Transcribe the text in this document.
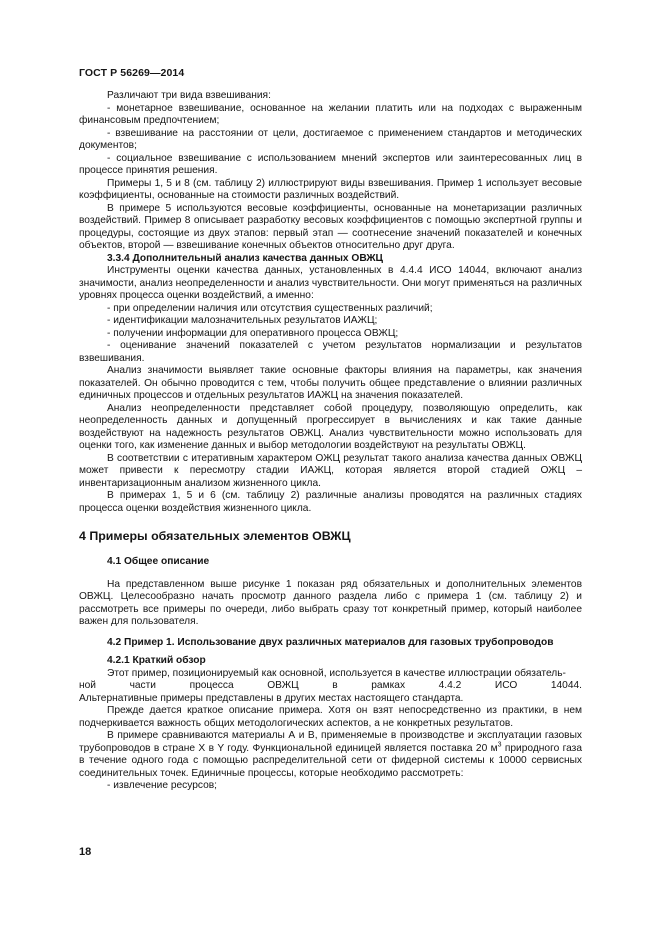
ГОСТ Р 56269—2014

Различают три вида взвешивания:

- монетарное взвешивание, основанное на желании платить или на подходах с выраженным финансовым предпочтением;

- взвешивание на расстоянии от цели, достигаемое с применением стандартов и методических документов;

- социальное взвешивание с использованием мнений экспертов или заинтересованных лиц в процессе принятия решения.

Примеры 1, 5 и 8 (см. таблицу 2) иллюстрируют виды взвешивания. Пример 1 использует весовые коэффициенты, основанные на стоимости различных воздействий.

В примере 5 используются весовые коэффициенты, основанные на монетаризации различных воздействий. Пример 8 описывает разработку весовых коэффициентов с помощью экспертной группы и процедуры, состоящие из двух этапов: первый этап — соотнесение значений показателей и конечных объектов, второй — взвешивание конечных объектов относительно друг друга.

3.3.4 Дополнительный анализ качества данных ОВЖЦ

Инструменты оценки качества данных, установленных в 4.4.4 ИСО 14044, включают анализ значимости, анализ неопределенности и анализ чувствительности. Они могут применяться на различных уровнях процесса оценки воздействий, а именно:

- при определении наличия или отсутствия существенных различий;

- идентификации малозначительных результатов ИАЖЦ;

- получении информации для оперативного процесса ОВЖЦ;

- оценивание значений показателей с учетом результатов нормализации и результатов взвешивания.

Анализ значимости выявляет такие основные факторы влияния на параметры, как значения показателей. Он обычно проводится с тем, чтобы получить общее представление о влиянии различных единичных процессов и отдельных результатов ИАЖЦ на значения показателей.

Анализ неопределенности представляет собой процедуру, позволяющую определить, как неопределенность данных и допущенный прогрессирует в вычислениях и как такие данные воздействуют на надежность результатов ОВЖЦ. Анализ чувствительности можно использовать для оценки того, как изменение данных и выбор методологии воздействуют на результаты ОВЖЦ.

В соответствии с итеративным характером ОЖЦ результат такого анализа качества данных ОВЖЦ может привести к пересмотру стадии ИАЖЦ, которая является второй стадией ОЖЦ – инвентаризационным анализом жизненного цикла.

В примерах 1, 5 и 6 (см. таблицу 2) различные анализы проводятся на различных стадиях процесса оценки воздействия жизненного цикла.

4 Примеры обязательных элементов ОВЖЦ
4.1 Общее описание

На представленном выше рисунке 1 показан ряд обязательных и дополнительных элементов ОВЖЦ. Целесообразно начать просмотр данного раздела либо с примера 1 (см. таблицу 2) и рассмотреть все примеры по очереди, либо выбрать сразу тот конкретный пример, который наиболее важен для пользователя.

4.2 Пример 1. Использование двух различных материалов для газовых трубопроводов
4.2.1 Краткий обзор

Этот пример, позиционируемый как основной, используется в качестве иллюстрации обязатель-

ной части процесса ОВЖЦ в рамках 4.4.2 ИСО 14044.

Альтернативные примеры представлены в других местах настоящего стандарта.

Прежде дается краткое описание примера. Хотя он взят непосредственно из практики, в нем подчеркивается важность общих методологических аспектов, а не конкретных результатов.

В примере сравниваются материалы А и В, применяемые в производстве и эксплуатации газовых трубопроводов в стране Х в Y году. Функциональной единицей является поставка 20 $м^3$ природного газа в течение одного года с помощью распределительной сети от фидерной системы к 10000 сервисных соединительных точек. Единичные процессы, которые необходимо рассмотреть:

- извлечение ресурсов;

18
